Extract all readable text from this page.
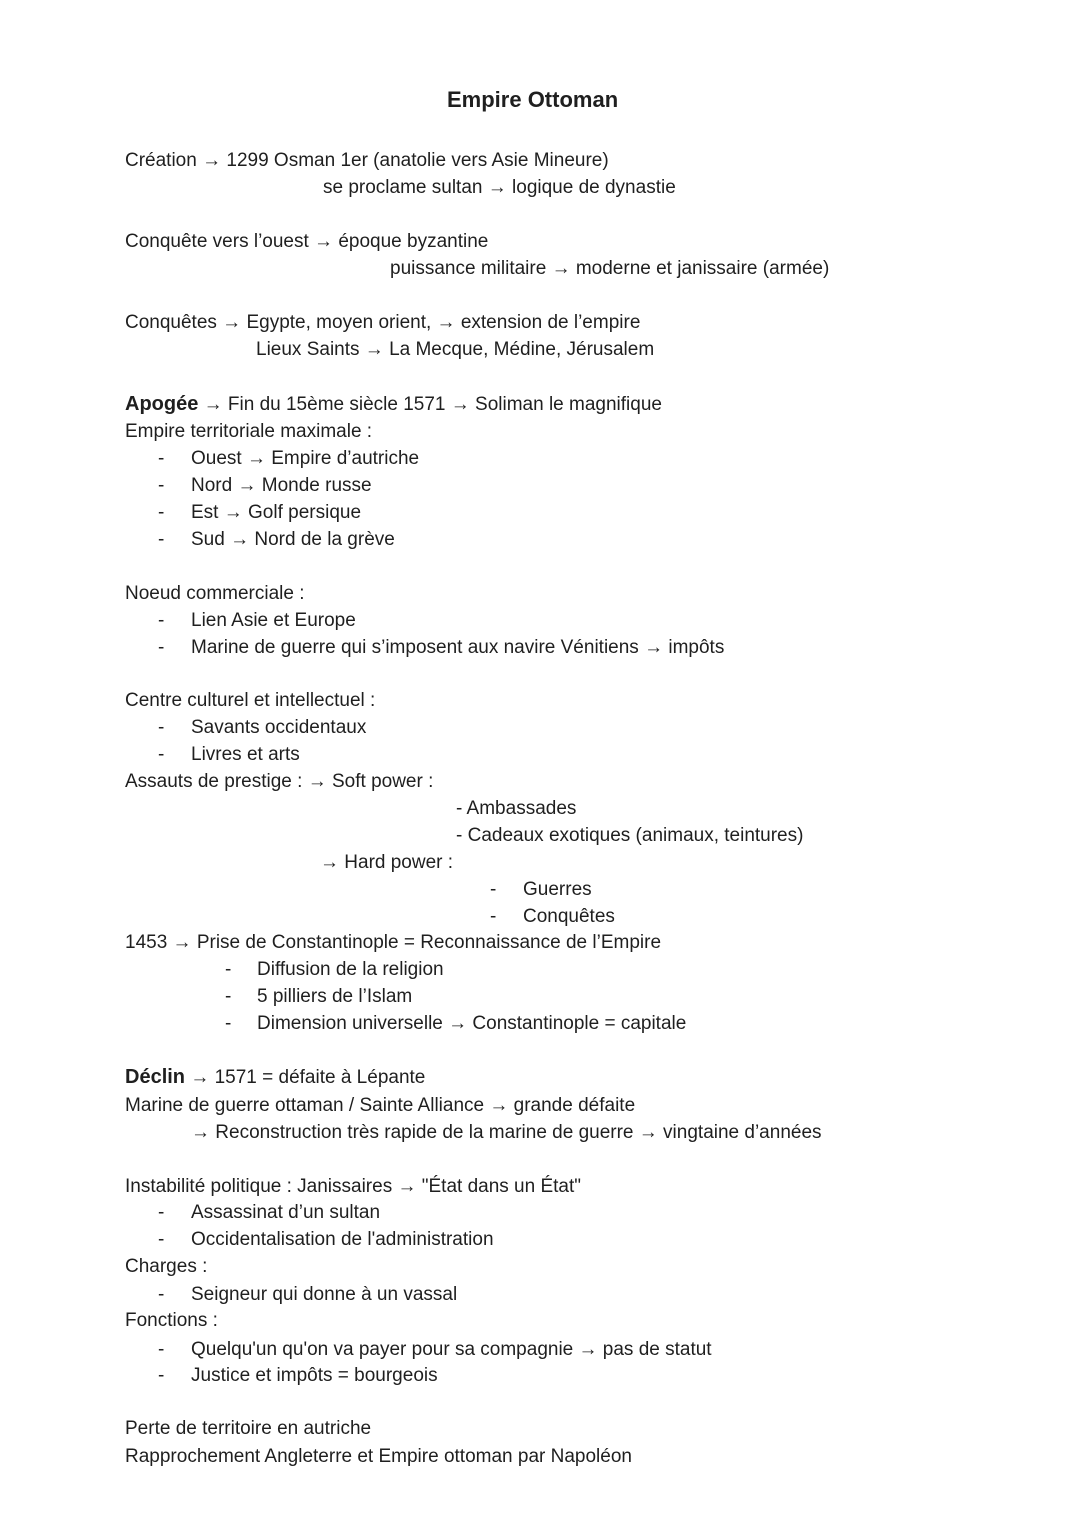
Empire Ottoman
Création → 1299 Osman 1er (anatolie vers Asie Mineure)
se proclame sultan → logique de dynastie
Conquête vers l’ouest → époque byzantine
puissance militaire → moderne et janissaire (armée)
Conquêtes → Egypte, moyen orient, → extension de l’empire
Lieux Saints → La Mecque, Médine, Jérusalem
Apogée → Fin du 15ème siècle 1571 → Soliman le magnifique
Empire territoriale maximale :
- Ouest → Empire d’autriche
- Nord → Monde russe
- Est → Golf persique
- Sud → Nord de la grève
Noeud commerciale :
- Lien Asie et Europe
- Marine de guerre qui s’imposent aux navire Vénitiens → impôts
Centre culturel et intellectuel :
- Savants occidentaux
- Livres et arts
Assauts de prestige : → Soft power :
- Ambassades
- Cadeaux exotiques (animaux, teintures)
→ Hard power :
- Guerres
- Conquêtes
1453 → Prise de Constantinople = Reconnaissance de l’Empire
- Diffusion de la religion
- 5 pilliers de l’Islam
- Dimension universelle → Constantinople = capitale
Déclin → 1571 = défaite à Lépante
Marine de guerre ottaman / Sainte Alliance → grande défaite
→ Reconstruction très rapide de la marine de guerre → vingtaine d’années
Instabilité politique : Janissaires → "État dans un État"
- Assassinat d’un sultan
- Occidentalisation de l'administration
Charges :
- Seigneur qui donne à un vassal
Fonctions :
- Quelqu'un qu'on va payer pour sa compagnie → pas de statut
- Justice et impôts = bourgeois
Perte de territoire en autriche
Rapprochement Angleterre et Empire ottoman par Napoléon
